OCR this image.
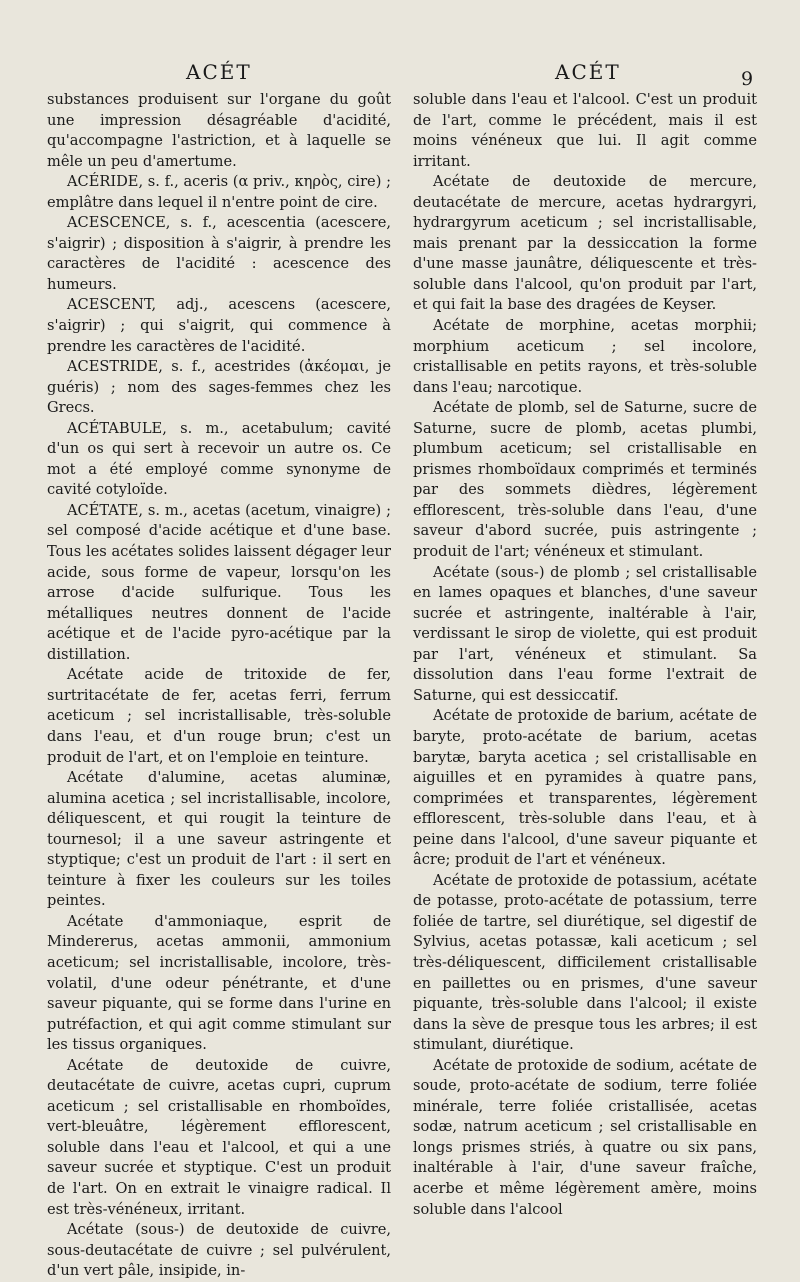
ACÉT	ACÉT	9

substances produisent sur l'organe du goût une impression désagréable d'acidité, qu'accompagne l'astriction, et à laquelle se mêle un peu d'amertume.

ACÉRIDE, s. f., aceris (α priv., κηρὸς, cire) ; emplâtre dans lequel il n'entre point de cire.

ACESCENCE, s. f., acescentia (acescere, s'aigrir) ; disposition à s'aigrir, à prendre les caractères de l'acidité : acescence des humeurs.

ACESCENT, adj., acescens (acescere, s'aigrir) ; qui s'aigrit, qui commence à prendre les caractères de l'acidité.

ACESTRIDE, s. f., acestrides (ἀκέομαι, je guéris) ; nom des sages-femmes chez les Grecs.

ACÉTABULE, s. m., acetabulum; cavité d'un os qui sert à recevoir un autre os. Ce mot a été employé comme synonyme de cavité cotyloïde.

ACÉTATE, s. m., acetas (acetum, vinaigre) ; sel composé d'acide acétique et d'une base. Tous les acétates solides laissent dégager leur acide, sous forme de vapeur, lorsqu'on les arrose d'acide sulfurique. Tous les métalliques neutres donnent de l'acide acétique et de l'acide pyro-acétique par la distillation.

Acétate acide de tritoxide de fer, surtritacétate de fer, acetas ferri, ferrum aceticum ; sel incristallisable, très-soluble dans l'eau, et d'un rouge brun; c'est un produit de l'art, et on l'emploie en teinture.

Acétate d'alumine, acetas aluminæ, alumina acetica ; sel incristallisable, incolore, déliquescent, et qui rougit la teinture de tournesol; il a une saveur astringente et styptique; c'est un produit de l'art : il sert en teinture à fixer les couleurs sur les toiles peintes.

Acétate d'ammoniaque, esprit de Mindererus, acetas ammonii, ammonium aceticum; sel incristallisable, incolore, très-volatil, d'une odeur pénétrante, et d'une saveur piquante, qui se forme dans l'urine en putréfaction, et qui agit comme stimulant sur les tissus organiques.

Acétate de deutoxide de cuivre, deutacétate de cuivre, acetas cupri, cuprum aceticum ; sel cristallisable en rhomboïdes, vert-bleuâtre, légèrement efflorescent, soluble dans l'eau et l'alcool, et qui a une saveur sucrée et styptique. C'est un produit de l'art. On en extrait le vinaigre radical. Il est très-vénéneux, irritant.

Acétate (sous-) de deutoxide de cuivre, sous-deutacétate de cuivre ; sel pulvérulent, d'un vert pâle, insipide, in-

soluble dans l'eau et l'alcool. C'est un produit de l'art, comme le précédent, mais il est moins vénéneux que lui. Il agit comme irritant.

Acétate de deutoxide de mercure, deutacétate de mercure, acetas hydrargyri, hydrargyrum aceticum ; sel incristallisable, mais prenant par la dessiccation la forme d'une masse jaunâtre, déliquescente et très-soluble dans l'alcool, qu'on produit par l'art, et qui fait la base des dragées de Keyser.

Acétate de morphine, acetas morphii; morphium aceticum ; sel incolore, cristallisable en petits rayons, et très-soluble dans l'eau; narcotique.

Acétate de plomb, sel de Saturne, sucre de Saturne, sucre de plomb, acetas plumbi, plumbum aceticum; sel cristallisable en prismes rhomboïdaux comprimés et terminés par des sommets dièdres, légèrement efflorescent, très-soluble dans l'eau, d'une saveur d'abord sucrée, puis astringente ; produit de l'art; vénéneux et stimulant.

Acétate (sous-) de plomb ; sel cristallisable en lames opaques et blanches, d'une saveur sucrée et astringente, inaltérable à l'air, verdissant le sirop de violette, qui est produit par l'art, vénéneux et stimulant. Sa dissolution dans l'eau forme l'extrait de Saturne, qui est dessiccatif.

Acétate de protoxide de barium, acétate de baryte, proto-acétate de barium, acetas barytæ, baryta acetica ; sel cristallisable en aiguilles et en pyramides à quatre pans, comprimées et transparentes, légèrement efflorescent, très-soluble dans l'eau, et à peine dans l'alcool, d'une saveur piquante et âcre; produit de l'art et vénéneux.

Acétate de protoxide de potassium, acétate de potasse, proto-acétate de potassium, terre foliée de tartre, sel diurétique, sel digestif de Sylvius, acetas potassæ, kali aceticum ; sel très-déliquescent, difficilement cristallisable en paillettes ou en prismes, d'une saveur piquante, très-soluble dans l'alcool; il existe dans la sève de presque tous les arbres; il est stimulant, diurétique.

Acétate de protoxide de sodium, acétate de soude, proto-acétate de sodium, terre foliée minérale, terre foliée cristallisée, acetas sodæ, natrum aceticum ; sel cristallisable en longs prismes striés, à quatre ou six pans, inaltérable à l'air, d'une saveur fraîche, acerbe et même légèrement amère, moins soluble dans l'alcool
